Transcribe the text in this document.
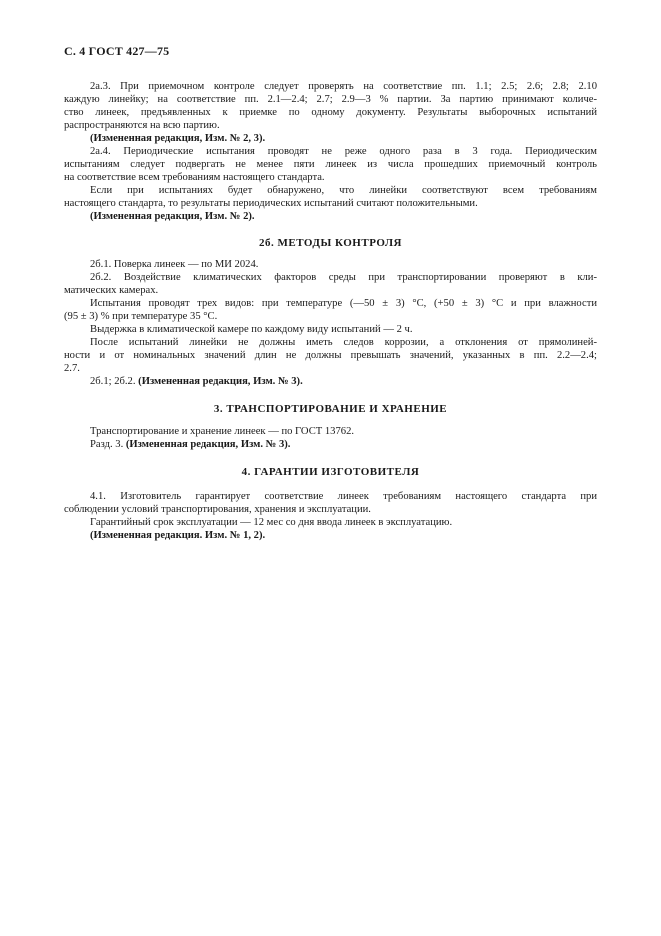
С. 4 ГОСТ 427—75
2а.3. При приемочном контроле следует проверять на соответствие пп. 1.1; 2.5; 2.6; 2.8; 2.10
каждую линейку; на соответствие пп. 2.1—2.4; 2.7; 2.9—3 % партии. За партию принимают количе-
ство линеек, предъявленных к приемке по одному документу. Результаты выборочных испытаний
распространяются на всю партию.
(Измененная редакция, Изм. № 2, 3).
2а.4. Периодические испытания проводят не реже одного раза в 3 года. Периодическим
испытаниям следует подвергать не менее пяти линеек из числа прошедших приемочный контроль
на соответствие всем требованиям настоящего стандарта.
Если при испытаниях будет обнаружено, что линейки соответствуют всем требованиям
настоящего стандарта, то результаты периодических испытаний считают положительными.
(Измененная редакция, Изм. № 2).
2б. МЕТОДЫ КОНТРОЛЯ
2б.1. Поверка линеек — по МИ 2024.
2б.2. Воздействие климатических факторов среды при транспортировании проверяют в кли-
матических камерах.
Испытания проводят трех видов: при температуре (—50 ± 3) °С, (+50 ± 3) °С и при влажности
(95 ± 3) % при температуре 35 °С.
Выдержка в климатической камере по каждому виду испытаний — 2 ч.
После испытаний линейки не должны иметь следов коррозии, а отклонения от прямолиней-
ности и от номинальных значений длин не должны превышать значений, указанных в пп. 2.2—2.4;
2.7.
2б.1; 2б.2. (Измененная редакция, Изм. № 3).
3. ТРАНСПОРТИРОВАНИЕ И ХРАНЕНИЕ
Транспортирование и хранение линеек — по ГОСТ 13762.
Разд. 3. (Измененная редакция, Изм. № 3).
4. ГАРАНТИИ ИЗГОТОВИТЕЛЯ
4.1. Изготовитель гарантирует соответствие линеек требованиям настоящего стандарта при
соблюдении условий транспортирования, хранения и эксплуатации.
Гарантийный срок эксплуатации — 12 мес со дня ввода линеек в эксплуатацию.
(Измененная редакция. Изм. № 1, 2).
